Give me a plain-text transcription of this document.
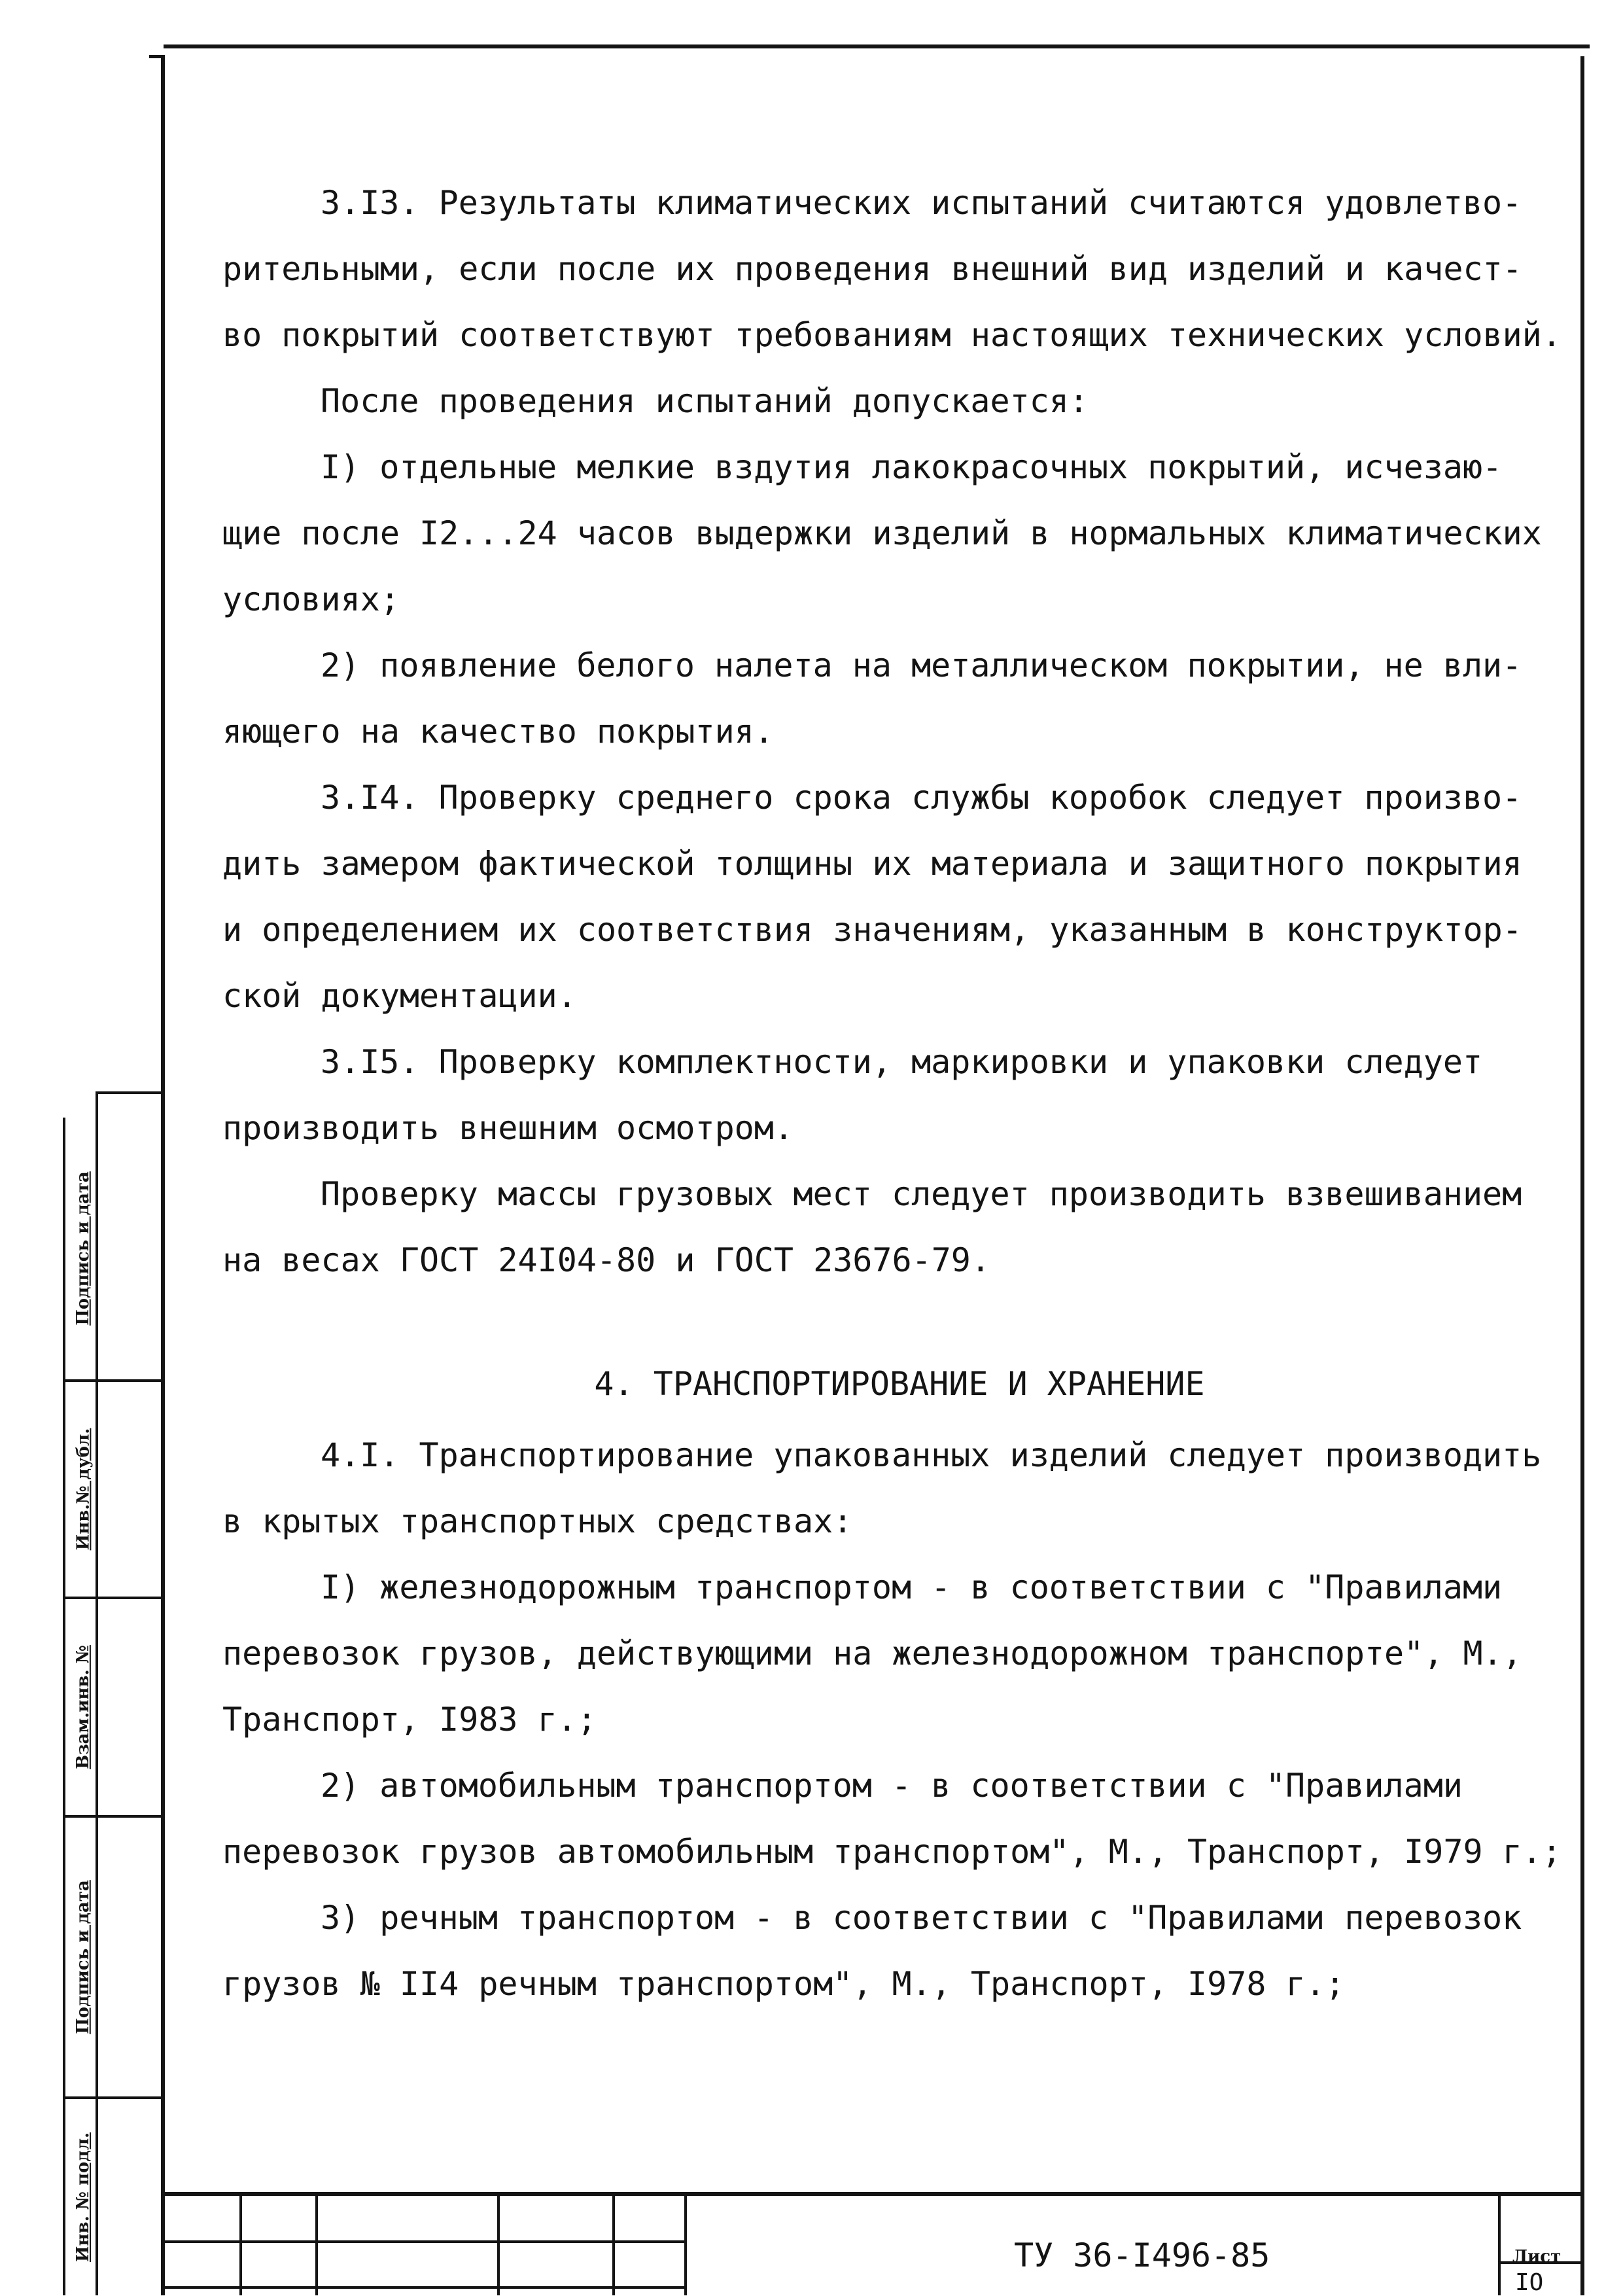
3.I3. Результаты климатических испытаний считаются удовлетво-

рительными, если после их проведения внешний вид изделий и качест-

во покрытий соответствуют требованиям настоящих технических условий.

После проведения испытаний допускается:

I) отдельные мелкие вздутия лакокрасочных покрытий, исчезаю-

щие после I2...24 часов выдержки изделий в нормальных климатических

условиях;

2) появление белого налета на металлическом покрытии, не вли-

яющего на качество покрытия.

3.I4. Проверку среднего срока службы коробок следует произво-

дить замером фактической толщины их материала и защитного покрытия

и определением их соответствия значениям, указанным в конструктор-

ской документации.

3.I5. Проверку комплектности, маркировки и упаковки следует

производить внешним осмотром.

Проверку массы грузовых мест следует производить взвешиванием

на весах ГОСТ 24I04-80 и ГОСТ 23676-79.

4. ТРАНСПОРТИРОВАНИЕ И ХРАНЕНИЕ

4.I. Транспортирование упакованных изделий следует производить

в крытых транспортных средствах:

I) железнодорожным транспортом - в соответствии с "Правилами

перевозок грузов, действующими на железнодорожном транспорте", М.,

Транспорт, I983 г.;

2) автомобильным транспортом - в соответствии с "Правилами

перевозок грузов автомобильным транспортом", М., Транспорт, I979 г.;

3) речным транспортом - в соответствии с "Правилами перевозок

грузов № II4 речным транспортом", М., Транспорт, I978 г.;

Подпись и дата
Инв.№ дубл.
Взам.инв. №
Подпись и дата
Инв. № подл.	ТУ 36-I496-85	Лист
IO
